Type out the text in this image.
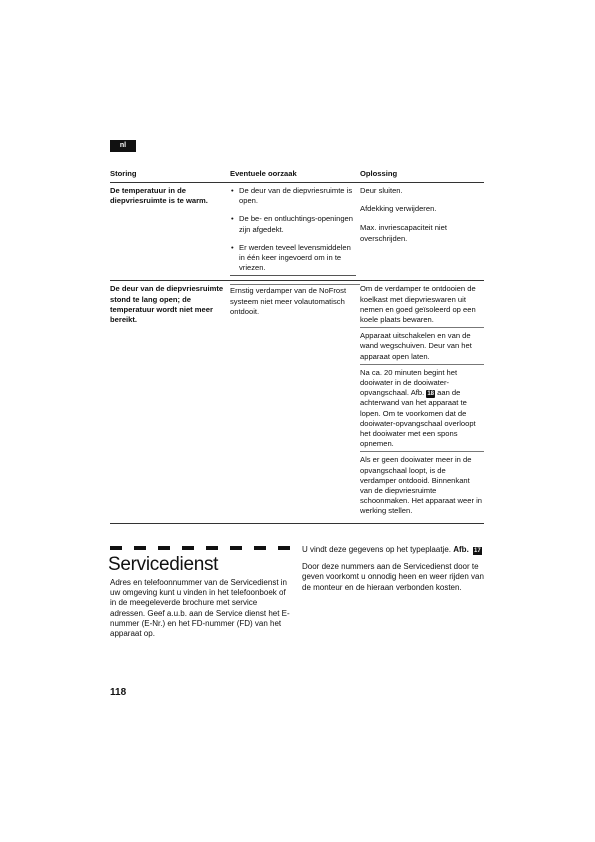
nl
Storing	Eventuele oorzaak	Oplossing
De temperatuur in de diepvriesruimte is te warm.
• De deur van de diepvriesruimte is open.
• De be- en ontluchtings-openingen zijn afgedekt.
• Er werden teveel levensmiddelen in één keer ingevoerd om in te vriezen.
Deur sluiten.
Afdekking verwijderen.
Max. invriescapaciteit niet overschrijden.
De deur van de diepvriesruimte stond te lang open; de temperatuur wordt niet meer bereikt.
Ernstig verdamper van de NoFrost systeem niet meer volautomatisch ontdooit.
Om de verdamper te ontdooien de koelkast met diepvrieswaren uit nemen en goed geïsoleerd op een koele plaats bewaren.
Apparaat uitschakelen en van de wand wegschuiven. Deur van het apparaat open laten.
Na ca. 20 minuten begint het dooiwater in de dooiwater-opvangschaal. Afb. 18 aan de achterwand van het apparaat te lopen. Om te voorkomen dat de dooiwater-opvangschaal overloopt het dooiwater met een spons opnemen.
Als er geen dooiwater meer in de opvangschaal loopt, is de verdamper ontdooid. Binnenkant van de diepvriesruimte schoonmaken. Het apparaat weer in werking stellen.
Servicedienst
Adres en telefoonnummer van de Servicedienst in uw omgeving kunt u vinden in het telefoonboek of in de meegeleverde brochure met service adressen. Geef a.u.b. aan de Service dienst het E-nummer (E-Nr.) en het FD-nummer (FD) van het apparaat op.

U vindt deze gegevens op het typeplaatje. Afb. 17

Door deze nummers aan de Servicedienst door te geven voorkomt u onnodig heen en weer rijden van de monteur en de hieraan verbonden kosten.

118
